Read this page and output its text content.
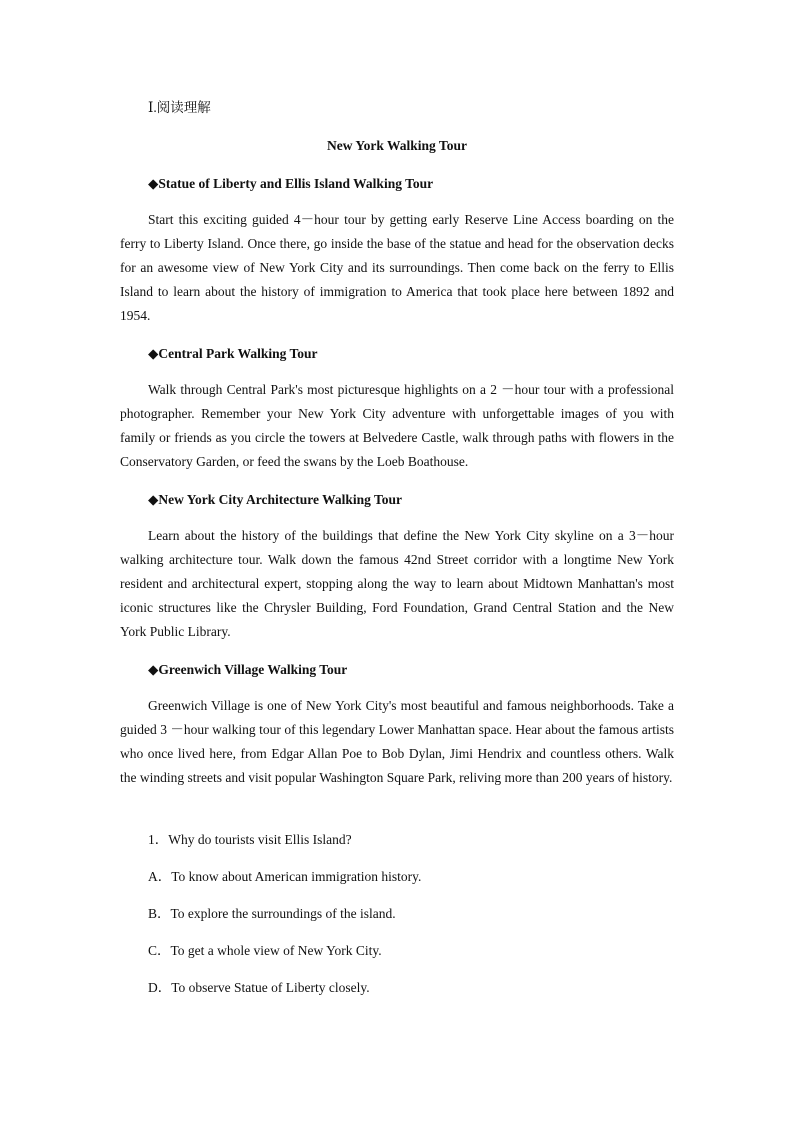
Ⅰ.阅读理解
New York Walking Tour
◆Statue of Liberty and Ellis Island Walking Tour

Start this exciting guided 4－hour tour by getting early Reserve Line Access boarding on the ferry to Liberty Island. Once there, go inside the base of the statue and head for the observation decks for an awesome view of New York City and its surroundings. Then come back on the ferry to Ellis Island to learn about the history of immigration to America that took place here between 1892 and 1954.

◆Central Park Walking Tour

Walk through Central Park's most picturesque highlights on a 2 －hour tour with a professional photographer. Remember your New York City adventure with unforgettable images of you with family or friends as you circle the towers at Belvedere Castle, walk through paths with flowers in the Conservatory Garden, or feed the swans by the Loeb Boathouse.

◆New York City Architecture Walking Tour

Learn about the history of the buildings that define the New York City skyline on a 3－hour walking architecture tour. Walk down the famous 42nd Street corridor with a longtime New York resident and architectural expert, stopping along the way to learn about Midtown Manhattan's most iconic structures like the Chrysler Building, Ford Foundation, Grand Central Station and the New York Public Library.

◆Greenwich Village Walking Tour

Greenwich Village is one of New York City's most beautiful and famous neighborhoods. Take a guided 3 －hour walking tour of this legendary Lower Manhattan space. Hear about the famous artists who once lived here, from Edgar Allan Poe to Bob Dylan, Jimi Hendrix and countless others. Walk the winding streets and visit popular Washington Square Park, reliving more than 200 years of history.

1．Why do tourists visit Ellis Island?
A．To know about American immigration history.
B．To explore the surroundings of the island.
C．To get a whole view of New York City.
D．To observe Statue of Liberty closely.
